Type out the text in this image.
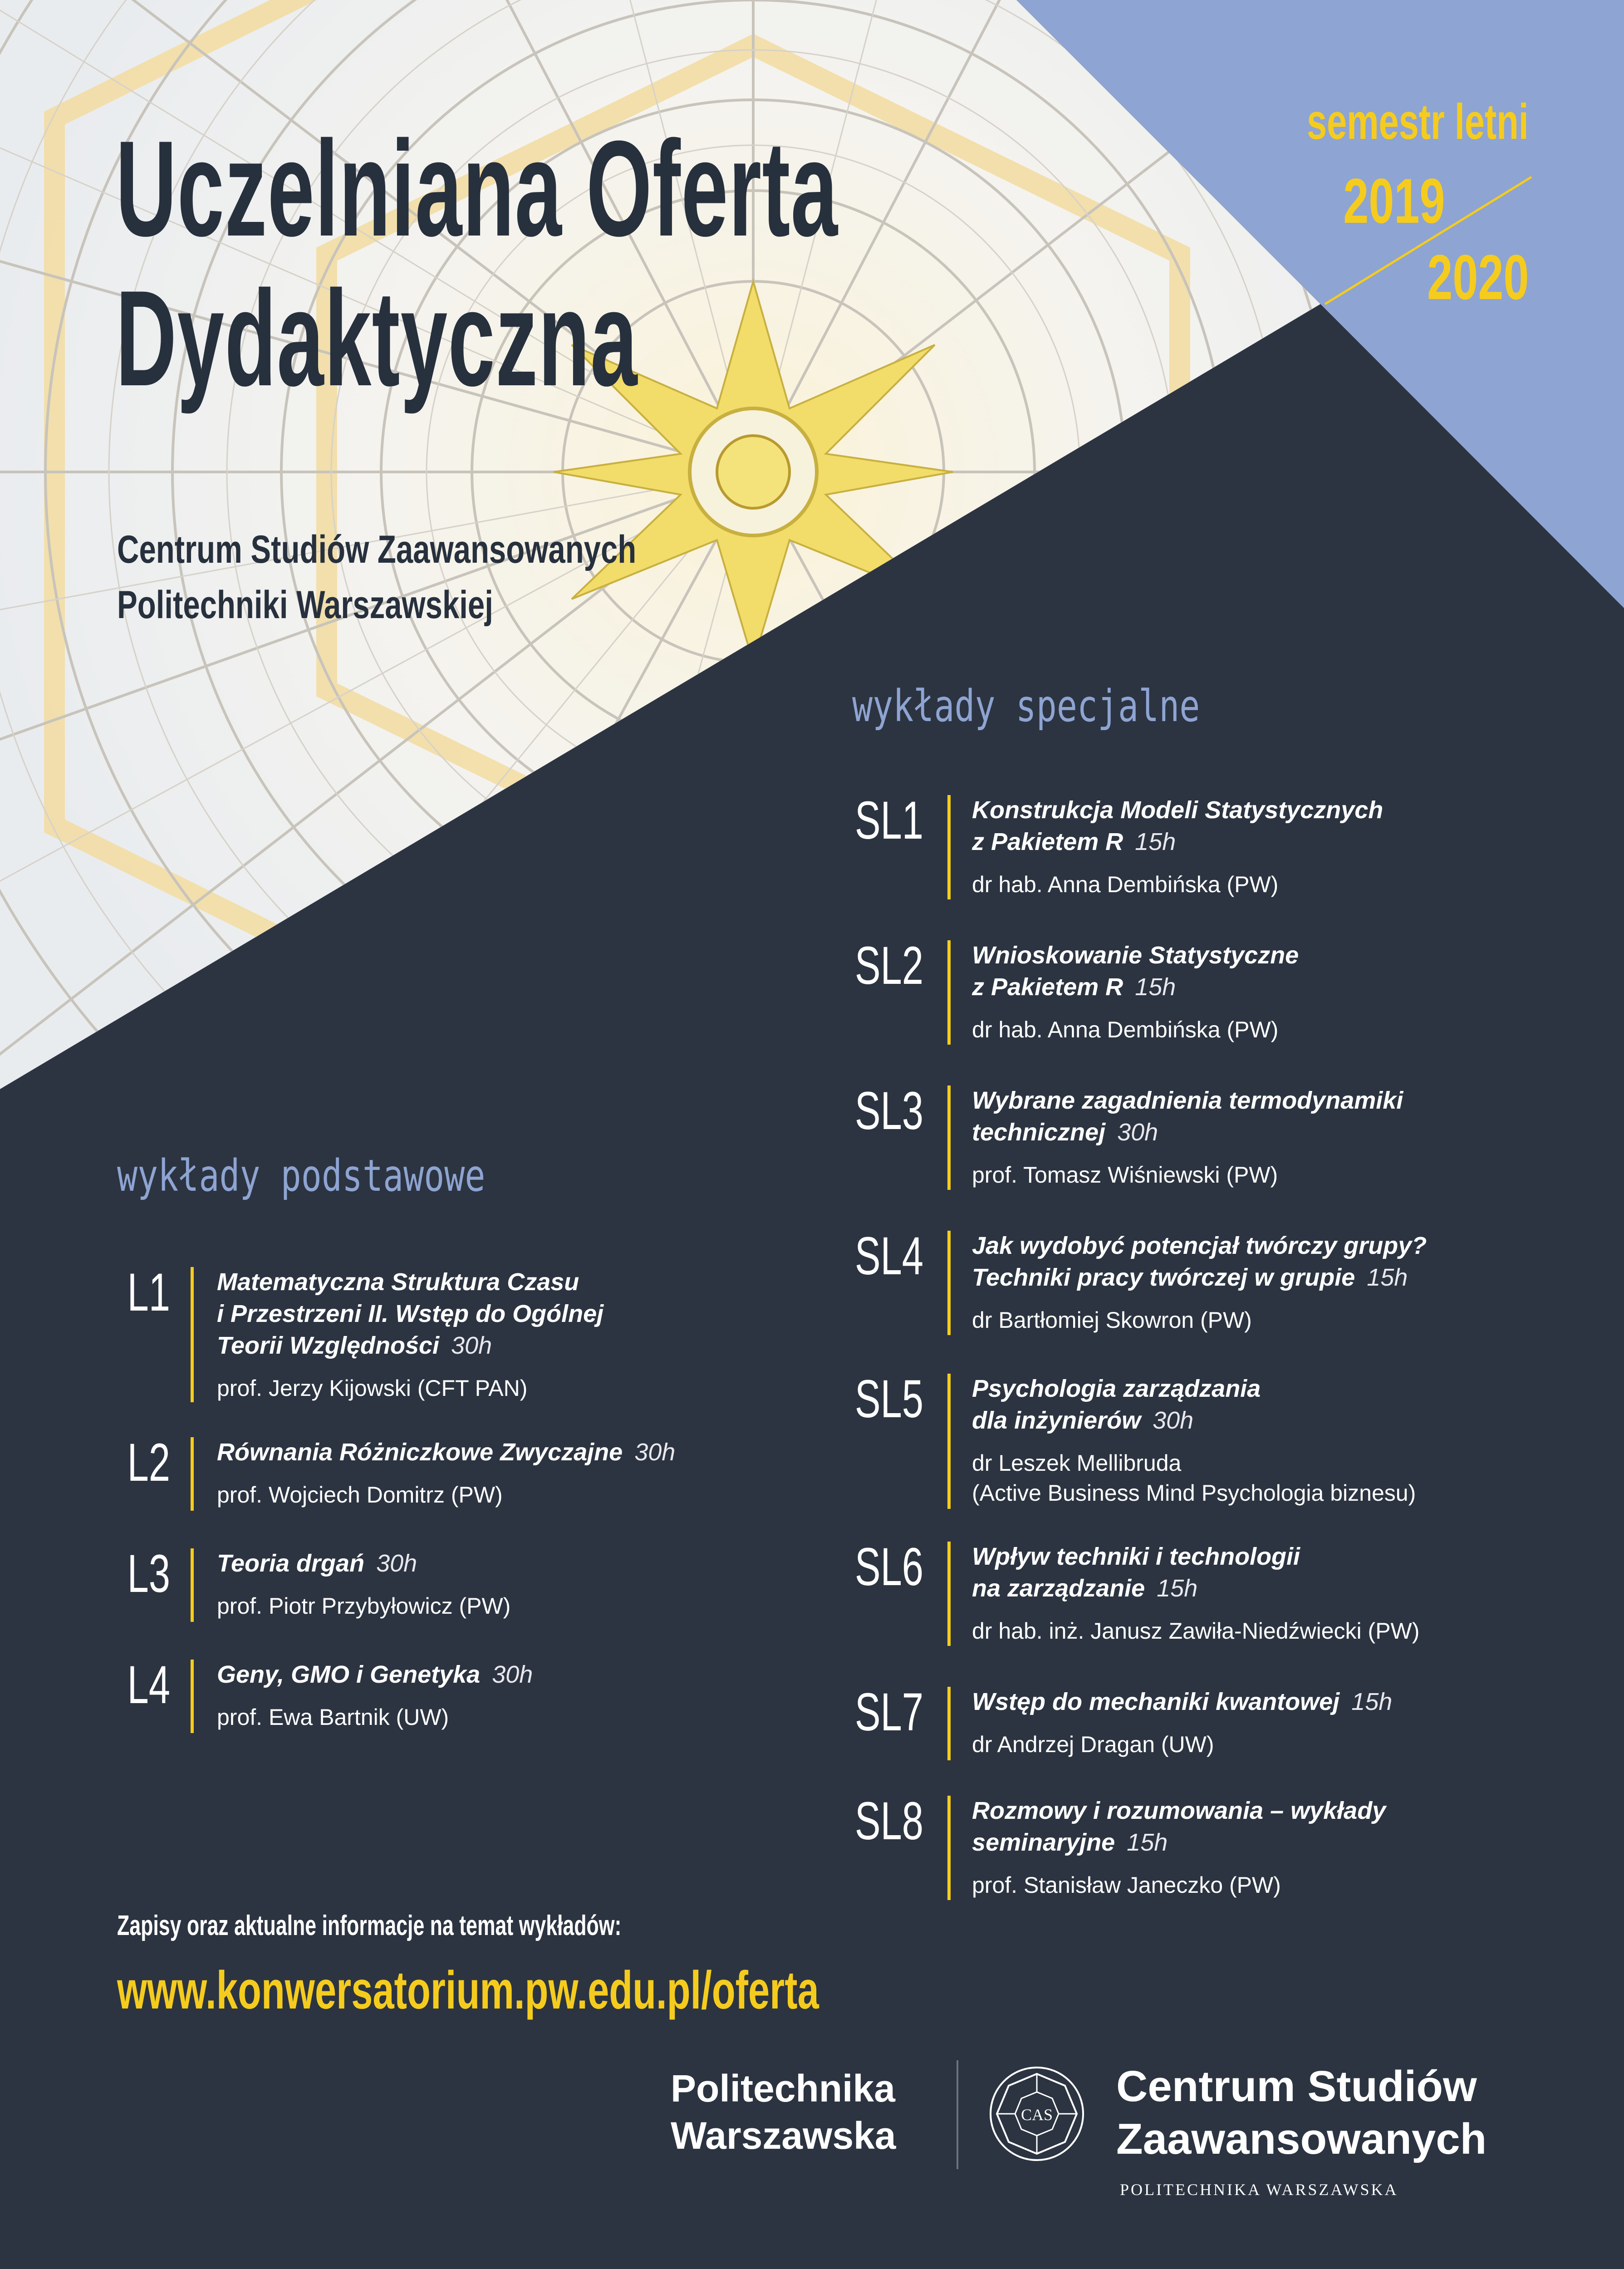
Uczelniana Oferta
Dydaktyczna
Centrum Studiów Zaawansowanych
Politechniki Warszawskiej
semestr letni
2019
2020
wykłady specjalne
wykłady podstawowe
L1 Matematyczna Struktura Czasu
i Przestrzeni II. Wstęp do Ogólnej
Teorii Względności 30h
prof. Jerzy Kijowski (CFT PAN)
L2 Równania Różniczkowe Zwyczajne 30h
prof. Wojciech Domitrz (PW)
L3 Teoria drgań 30h
prof. Piotr Przybyłowicz (PW)
L4 Geny, GMO i Genetyka 30h
prof. Ewa Bartnik (UW)
SL1 Konstrukcja Modeli Statystycznych
z Pakietem R 15h
dr hab. Anna Dembińska (PW)
SL2 Wnioskowanie Statystyczne
z Pakietem R 15h
dr hab. Anna Dembińska (PW)
SL3 Wybrane zagadnienia termodynamiki
technicznej 30h
prof. Tomasz Wiśniewski (PW)
SL4 Jak wydobyć potencjał twórczy grupy?
Techniki pracy twórczej w grupie 15h
dr Bartłomiej Skowron (PW)
SL5 Psychologia zarządzania
dla inżynierów 30h
dr Leszek Mellibruda
(Active Business Mind Psychologia biznesu)
SL6 Wpływ techniki i technologii
na zarządzanie 15h
dr hab. inż. Janusz Zawiła-Niedźwiecki (PW)
SL7 Wstęp do mechaniki kwantowej 15h
dr Andrzej Dragan (UW)
SL8 Rozmowy i rozumowania – wykłady
seminaryjne 15h
prof. Stanisław Janeczko (PW)
Zapisy oraz aktualne informacje na temat wykładów:
www.konwersatorium.pw.edu.pl/oferta
Politechnika
Warszawska	CAS
Centrum Studiów
Zaawansowanych
POLITECHNIKA WARSZAWSKA
